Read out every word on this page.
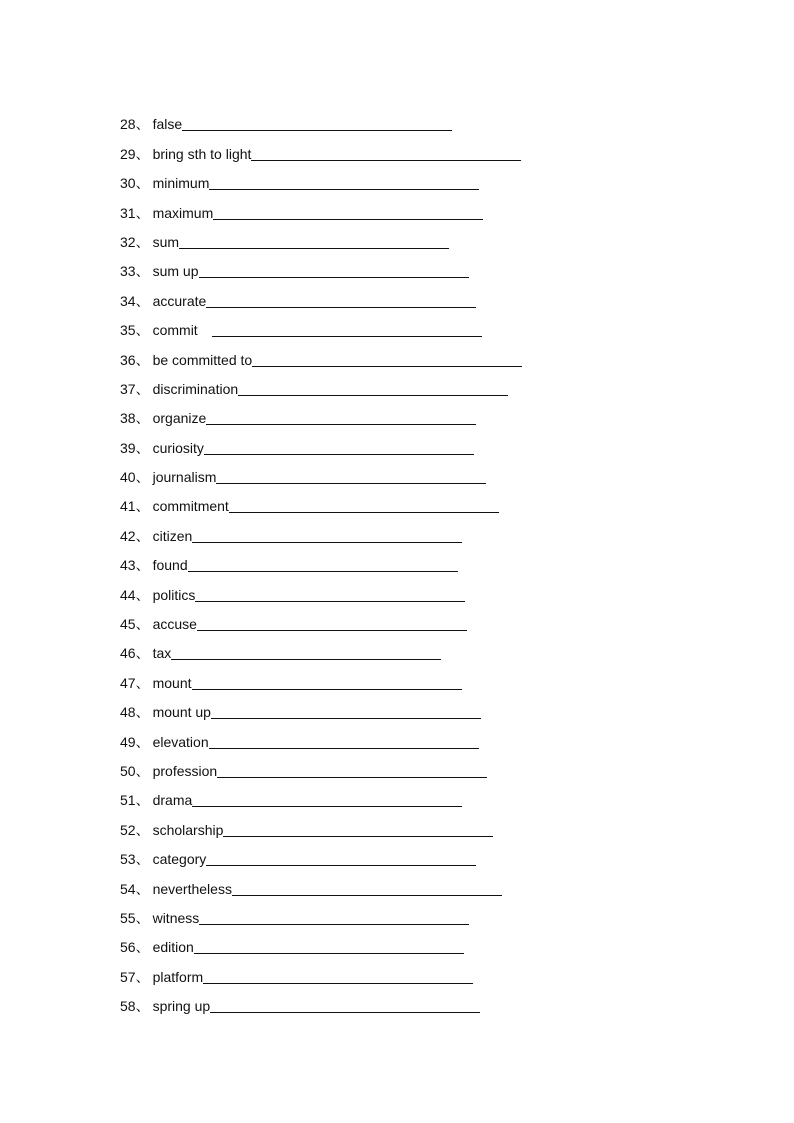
28 、 false
29 、 bring sth to light
30 、 minimum
31 、 maximum
32 、 sum
33 、 sum up
34 、 accurate
35 、 commit
36 、 be committed to
37 、 discrimination
38 、 organize
39 、 curiosity
40 、 journalism
41 、 commitment
42 、 citizen
43 、 found
44 、 politics
45 、 accuse
46 、 tax
47 、 mount
48 、 mount up
49 、 elevation
50 、 profession
51 、 drama
52 、 scholarship
53 、 category
54 、 nevertheless
55 、 witness
56 、 edition
57 、 platform
58 、 spring up
